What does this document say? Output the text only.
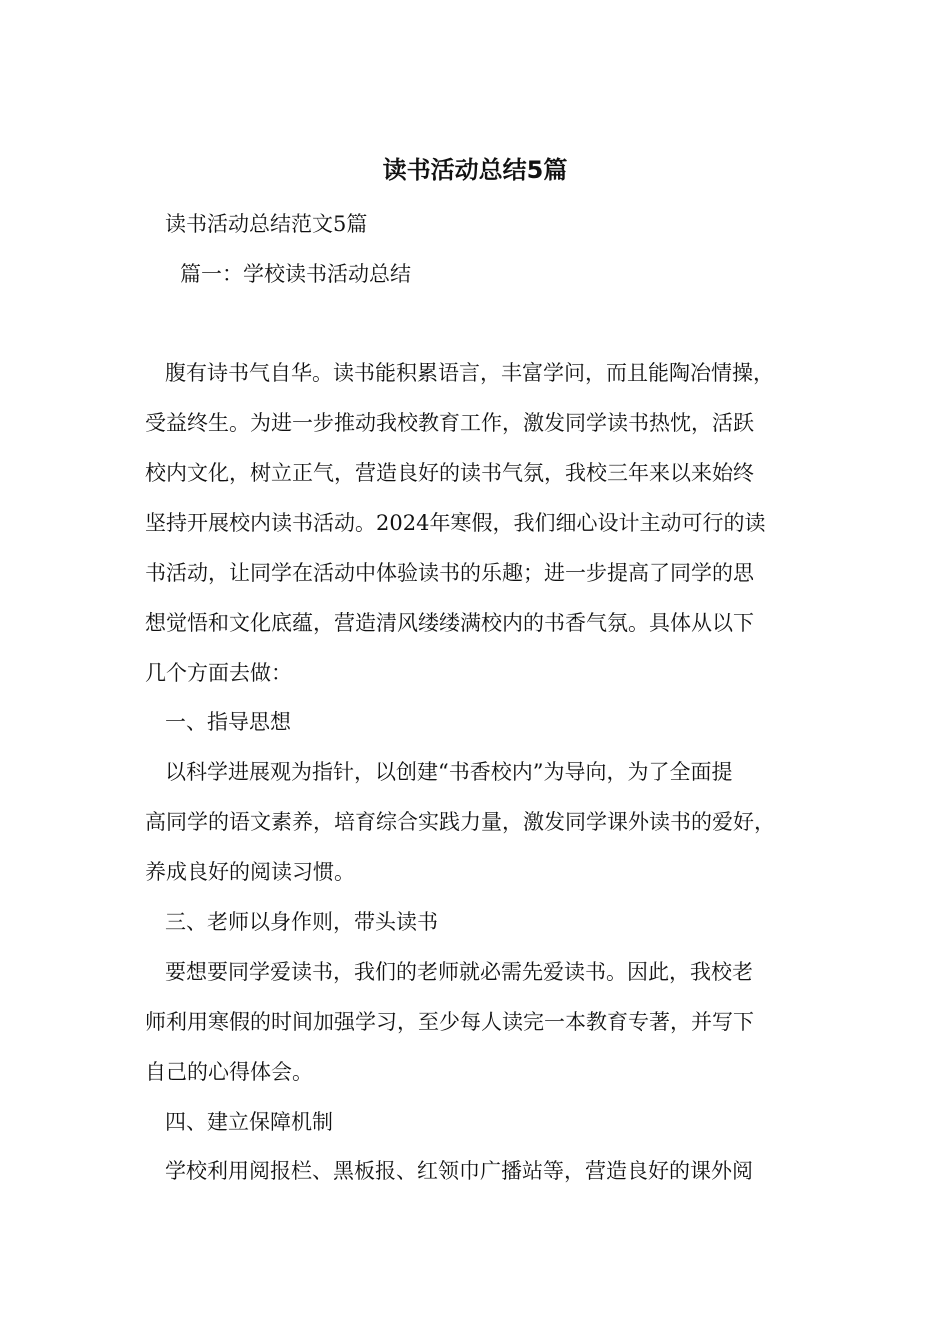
读书活动总结5篇
读书活动总结范文5篇
篇一：学校读书活动总结
腹有诗书气自华。读书能积累语言，丰富学问，而且能陶冶情操，
受益终生。为进一步推动我校教育工作，激发同学读书热忱，活跃
校内文化，树立正气，营造良好的读书气氛，我校三年来以来始终
坚持开展校内读书活动。2024年寒假，我们细心设计主动可行的读
书活动，让同学在活动中体验读书的乐趣；进一步提高了同学的思
想觉悟和文化底蕴，营造清风缕缕满校内的书香气氛。具体从以下
几个方面去做：
一、指导思想
以科学进展观为指针，以创建“书香校内”为导向，为了全面提
高同学的语文素养，培育综合实践力量，激发同学课外读书的爱好，
养成良好的阅读习惯。
三、老师以身作则，带头读书
要想要同学爱读书，我们的老师就必需先爱读书。因此，我校老
师利用寒假的时间加强学习，至少每人读完一本教育专著，并写下
自己的心得体会。
四、建立保障机制
学校利用阅报栏、黑板报、红领巾广播站等，营造良好的课外阅
